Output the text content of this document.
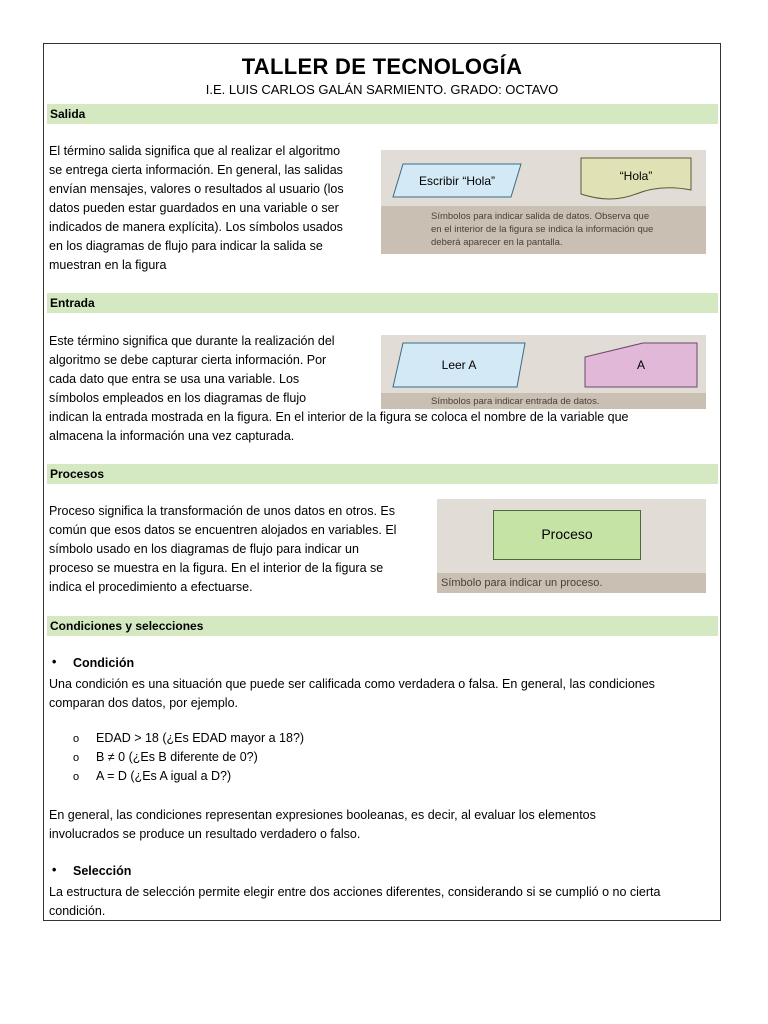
TALLER DE TECNOLOGÍA
I.E. LUIS CARLOS GALÁN SARMIENTO. GRADO: OCTAVO
Salida
El término salida significa que al realizar el algoritmo
se entrega cierta información. En general, las salidas
envían mensajes, valores o resultados al usuario (los
datos pueden estar guardados en una variable o ser
indicados de manera explícita). Los símbolos usados
en los diagramas de flujo para indicar la salida se
muestran en la figura
Escribir “Hola”	“Hola”
Símbolos para indicar salida de datos. Observa que
en el interior de la figura se indica la información que
deberá aparecer en la pantalla.
Entrada
Este término significa que durante la realización del
algoritmo se debe capturar cierta información. Por
cada dato que entra se usa una variable. Los
símbolos empleados en los diagramas de flujo
indican la entrada mostrada en la figura. En el interior de la figura se coloca el nombre de la variable que
almacena la información una vez capturada.
Leer A	A
Símbolos para indicar entrada de datos.
Procesos
Proceso significa la transformación de unos datos en otros. Es
común que esos datos se encuentren alojados en variables. El
símbolo usado en los diagramas de flujo para indicar un
proceso se muestra en la figura. En el interior de la figura se
indica el procedimiento a efectuarse.
Proceso
Símbolo para indicar un proceso.
Condiciones y selecciones
• Condición
Una condición es una situación que puede ser calificada como verdadera o falsa. En general, las condiciones
comparan dos datos, por ejemplo.
o EDAD > 18 (¿Es EDAD mayor a 18?)
o B ≠ 0 (¿Es B diferente de 0?)
o A = D (¿Es A igual a D?)
En general, las condiciones representan expresiones booleanas, es decir, al evaluar los elementos
involucrados se produce un resultado verdadero o falso.
• Selección
La estructura de selección permite elegir entre dos acciones diferentes, considerando si se cumplió o no cierta
condición.
